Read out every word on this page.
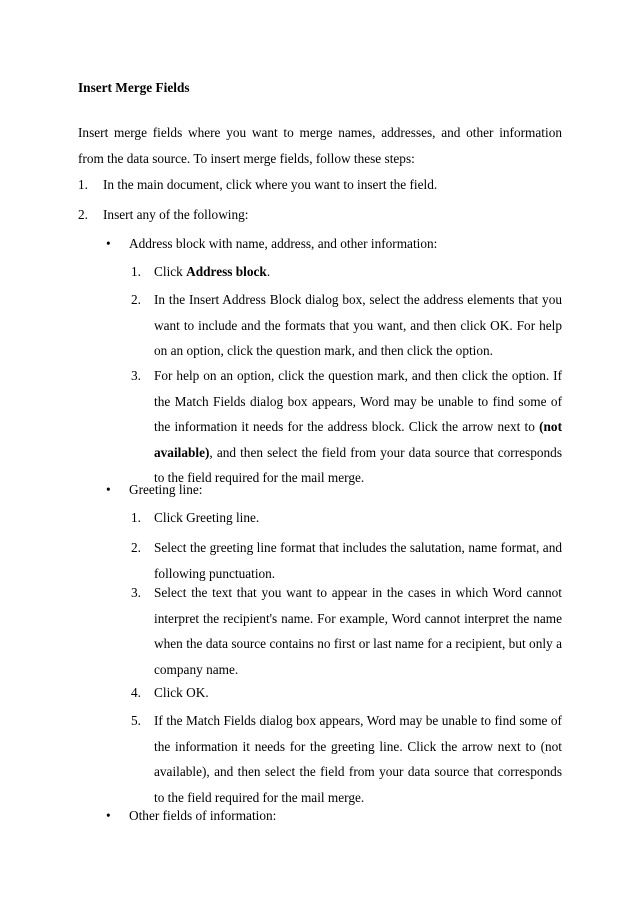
Insert Merge Fields
Insert merge fields where you want to merge names, addresses, and other information from the data source. To insert merge fields, follow these steps:
1.	In the main document, click where you want to insert the field.
2.	Insert any of the following:
• Address block with name, address, and other information:
1. Click Address block.
2. In the Insert Address Block dialog box, select the address elements that you want to include and the formats that you want, and then click OK. For help on an option, click the question mark, and then click the option.
3. For help on an option, click the question mark, and then click the option. If the Match Fields dialog box appears, Word may be unable to find some of the information it needs for the address block. Click the arrow next to (not available), and then select the field from your data source that corresponds to the field required for the mail merge.
• Greeting line:
1. Click Greeting line.
2. Select the greeting line format that includes the salutation, name format, and following punctuation.
3. Select the text that you want to appear in the cases in which Word cannot interpret the recipient's name. For example, Word cannot interpret the name when the data source contains no first or last name for a recipient, but only a company name.
4. Click OK.
5. If the Match Fields dialog box appears, Word may be unable to find some of the information it needs for the greeting line. Click the arrow next to (not available), and then select the field from your data source that corresponds to the field required for the mail merge.
• Other fields of information:
